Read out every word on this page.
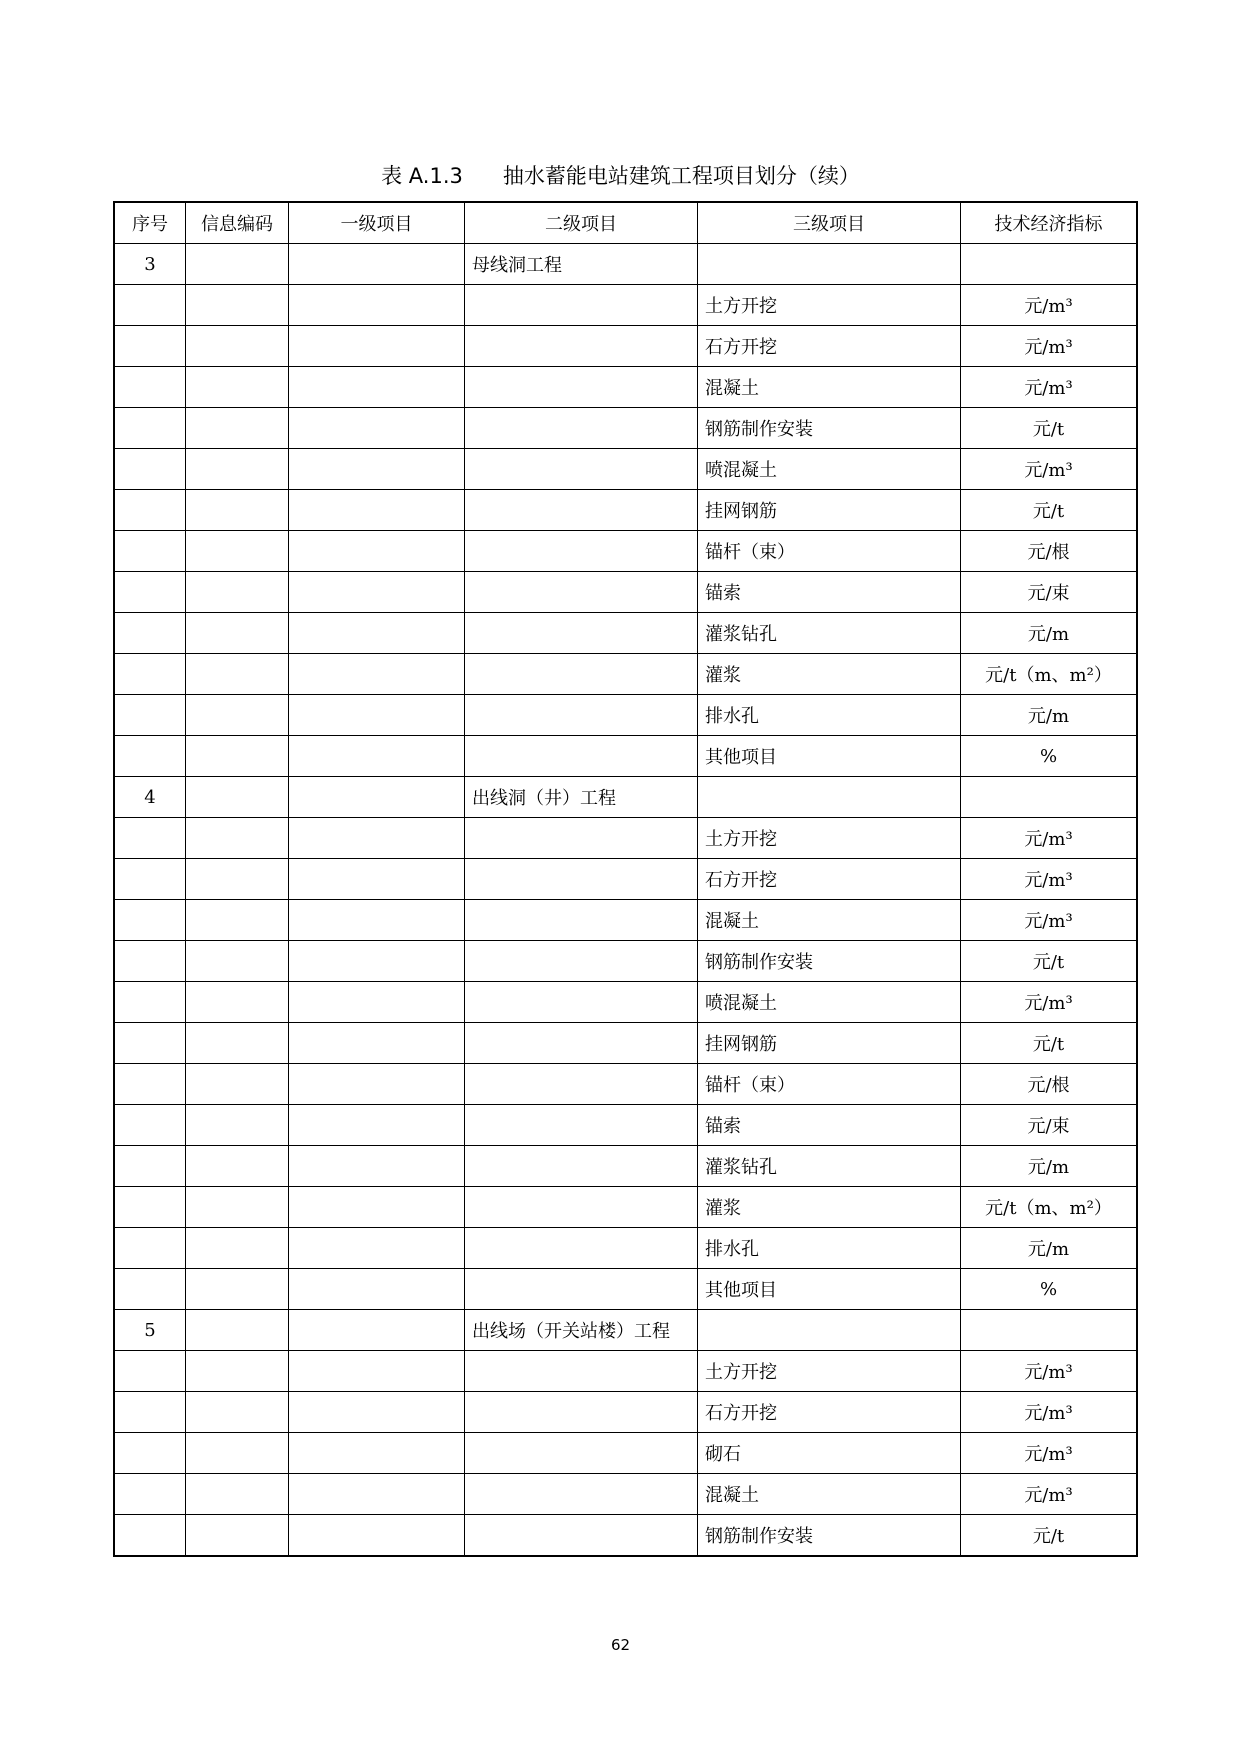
表 A.1.3 抽水蓄能电站建筑工程项目划分（续）
序号	信息编码	一级项目	二级项目	三级项目	技术经济指标
3			母线洞工程		
				土方开挖	元/m³
				石方开挖	元/m³
				混凝土	元/m³
				钢筋制作安装	元/t
				喷混凝土	元/m³
				挂网钢筋	元/t
				锚杆（束）	元/根
				锚索	元/束
				灌浆钻孔	元/m
				灌浆	元/t（m、m²）
				排水孔	元/m
				其他项目	%
4			出线洞（井）工程		
				土方开挖	元/m³
				石方开挖	元/m³
				混凝土	元/m³
				钢筋制作安装	元/t
				喷混凝土	元/m³
				挂网钢筋	元/t
				锚杆（束）	元/根
				锚索	元/束
				灌浆钻孔	元/m
				灌浆	元/t（m、m²）
				排水孔	元/m
				其他项目	%
5			出线场（开关站楼）工程		
				土方开挖	元/m³
				石方开挖	元/m³
				砌石	元/m³
				混凝土	元/m³
				钢筋制作安装	元/t
62
